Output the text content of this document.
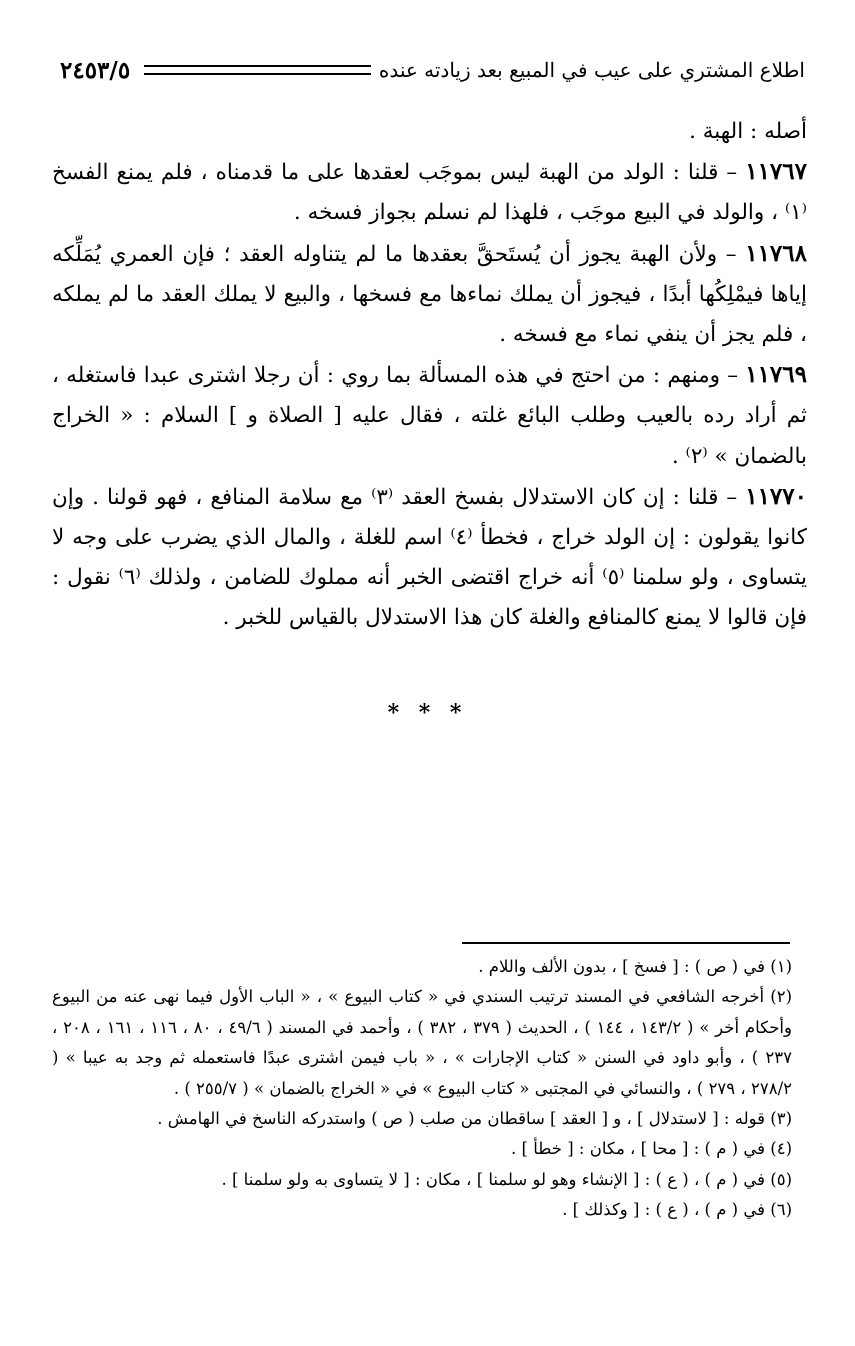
٢٤٥٣/٥	اطلاع المشتري على عيب في المبيع بعد زيادته عنده

أصله : الهبة .

١١٧٦٧ – قلنا : الولد من الهبة ليس بموجَب لعقدها على ما قدمناه ، فلم يمنع الفسخ ⁽١⁾ ، والولد في البيع موجَب ، فلهذا لم نسلم بجواز فسخه .

١١٧٦٨ – ولأن الهبة يجوز أن يُستَحقَّ بعقدها ما لم يتناوله العقد ؛ فإن العمري يُمَلِّكه إياها فيمْلِكُها أبدًا ، فيجوز أن يملك نماءها مع فسخها ، والبيع لا يملك العقد ما لم يملكه ، فلم يجز أن ينفي نماء مع فسخه .

١١٧٦٩ – ومنهم : من احتج في هذه المسألة بما روي : أن رجلا اشترى عبدا فاستغله ، ثم أراد رده بالعيب وطلب البائع غلته ، فقال عليه [ الصلاة و ] السلام : « الخراج بالضمان » ⁽٢⁾ .

١١٧٧٠ – قلنا : إن كان الاستدلال بفسخ العقد ⁽٣⁾ مع سلامة المنافع ، فهو قولنا . وإن كانوا يقولون : إن الولد خراج ، فخطأ ⁽٤⁾ اسم للغلة ، والمال الذي يضرب على وجه لا يتساوى ، ولو سلمنا ⁽٥⁾ أنه خراج اقتضى الخبر أنه مملوك للضامن ، ولذلك ⁽٦⁾ نقول : فإن قالوا لا يمنع كالمنافع والغلة كان هذا الاستدلال بالقياس للخبر .

* * *

(١) في ( ص ) : [ فسخ ] ، بدون الألف واللام .

(٢) أخرجه الشافعي في المسند ترتيب السندي في « كتاب البيوع » ، « الباب الأول فيما نهى عنه من البيوع وأحكام أخر » ( ١٤٣/٢ ، ١٤٤ ) ، الحديث ( ٣٧٩ ، ٣٨٢ ) ، وأحمد في المسند ( ٤٩/٦ ، ٨٠ ، ١١٦ ، ١٦١ ، ٢٠٨ ، ٢٣٧ ) ، وأبو داود في السنن « كتاب الإجارات » ، « باب فيمن اشترى عبدًا فاستعمله ثم وجد به عيبا » ( ٢٧٨/٢ ، ٢٧٩ ) ، والنسائي في المجتبى « كتاب البيوع » في « الخراج بالضمان » ( ٢٥٥/٧ ) .

(٣) قوله : [ لاستدلال ] ، و [ العقد ] ساقطان من صلب ( ص ) واستدركه الناسخ في الهامش .

(٤) في ( م ) : [ محا ] ، مكان : [ خطأ ] .

(٥) في ( م ) ، ( ع ) : [ الإنشاء وهو لو سلمنا ] ، مكان : [ لا يتساوى به ولو سلمنا ] .

(٦) في ( م ) ، ( ع ) : [ وكذلك ] .
